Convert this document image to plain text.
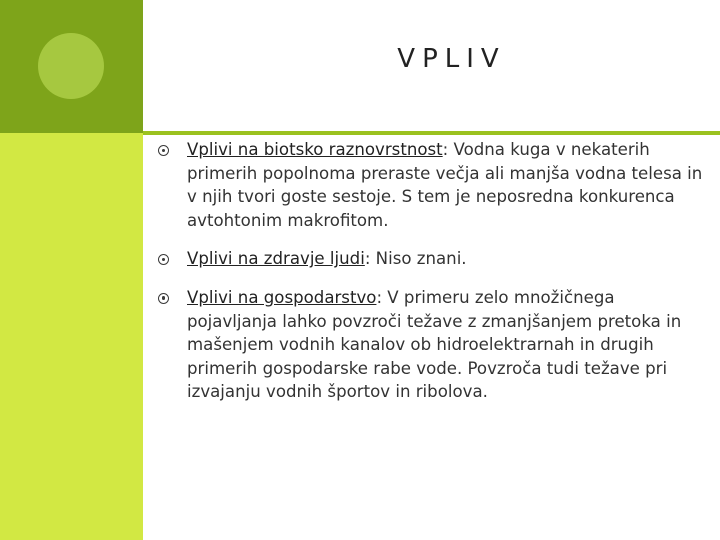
VPLIV
Vplivi na biotsko raznovrstnost: Vodna kuga v nekaterih primerih popolnoma preraste večja ali manjša vodna telesa in v njih tvori goste sestoje. S tem je neposredna konkurenca avtohtonim makrofitom.
Vplivi na zdravje ljudi: Niso znani.
Vplivi na gospodarstvo: V primeru zelo množičnega pojavljanja lahko povzroči težave z zmanjšanjem pretoka in mašenjem vodnih kanalov ob hidroelektrarnah in drugih primerih gospodarske rabe vode. Povzroča tudi težave pri izvajanju vodnih športov in ribolova.
